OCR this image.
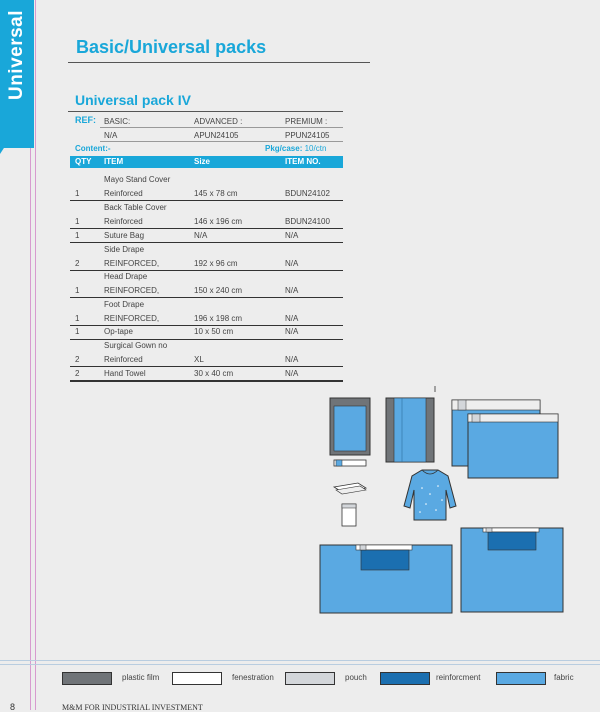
Universal	Basic/Universal packs
Universal pack IV
REF: BASIC:	ADVANCED :	PREMIUM :
N/A	APUN24105	PPUN24105
Content:-	Pkg/case: 10/ctn
QTY ITEM	Size	ITEM NO.
Mayo Stand Cover
1	Reinforced	145 x 78 cm	BDUN24102
Back Table Cover
1	Reinforced	146 x 196 cm	BDUN24100
1	Suture Bag	N/A	N/A
Side Drape
2	REINFORCED,	192 x 96 cm	N/A
Head Drape
1	REINFORCED,	150 x 240 cm	N/A
Foot Drape
1	REINFORCED,	196 x 198 cm	N/A
1	Op-tape	10 x 50 cm	N/A
Surgical Gown no
2	Reinforced	XL	N/A
2	Hand Towel	30 x 40 cm	N/A
plastic film	fenestration	pouch	reinforcment	fabric
8	M&M FOR INDUSTRIAL INVESTMENT
